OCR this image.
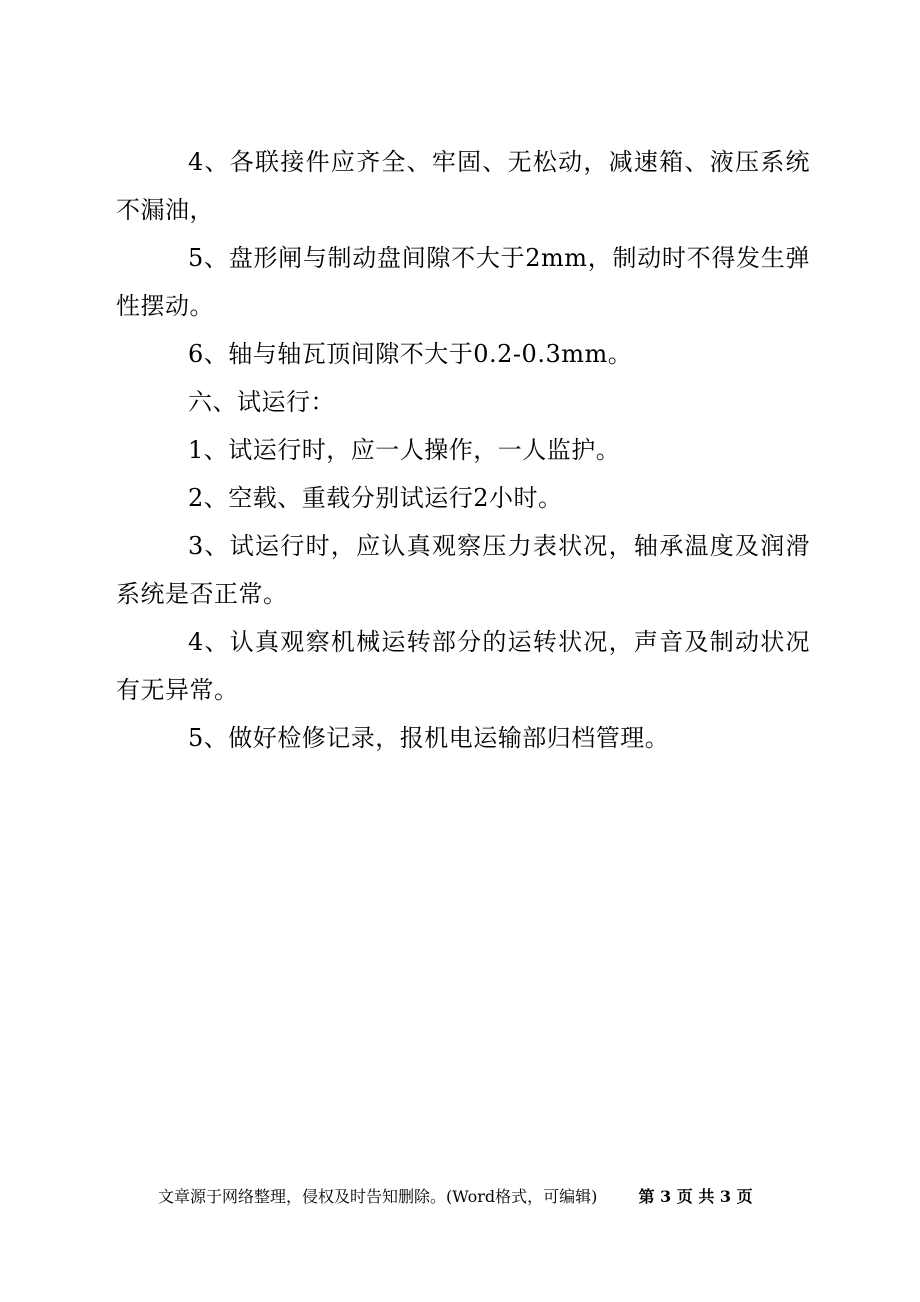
4、各联接件应齐全、牢固、无松动，减速箱、液压系统不漏油，

5、盘形闸与制动盘间隙不大于2mm，制动时不得发生弹性摆动。

6、轴与轴瓦顶间隙不大于0.2-0.3mm。

六、试运行：

1、试运行时，应一人操作，一人监护。

2、空载、重载分别试运行2小时。

3、试运行时，应认真观察压力表状况，轴承温度及润滑系统是否正常。

4、认真观察机械运转部分的运转状况，声音及制动状况有无异常。

5、做好检修记录，报机电运输部归档管理。

文章源于网络整理，侵权及时告知删除。(Word格式，可编辑)	第 3 页 共 3 页
